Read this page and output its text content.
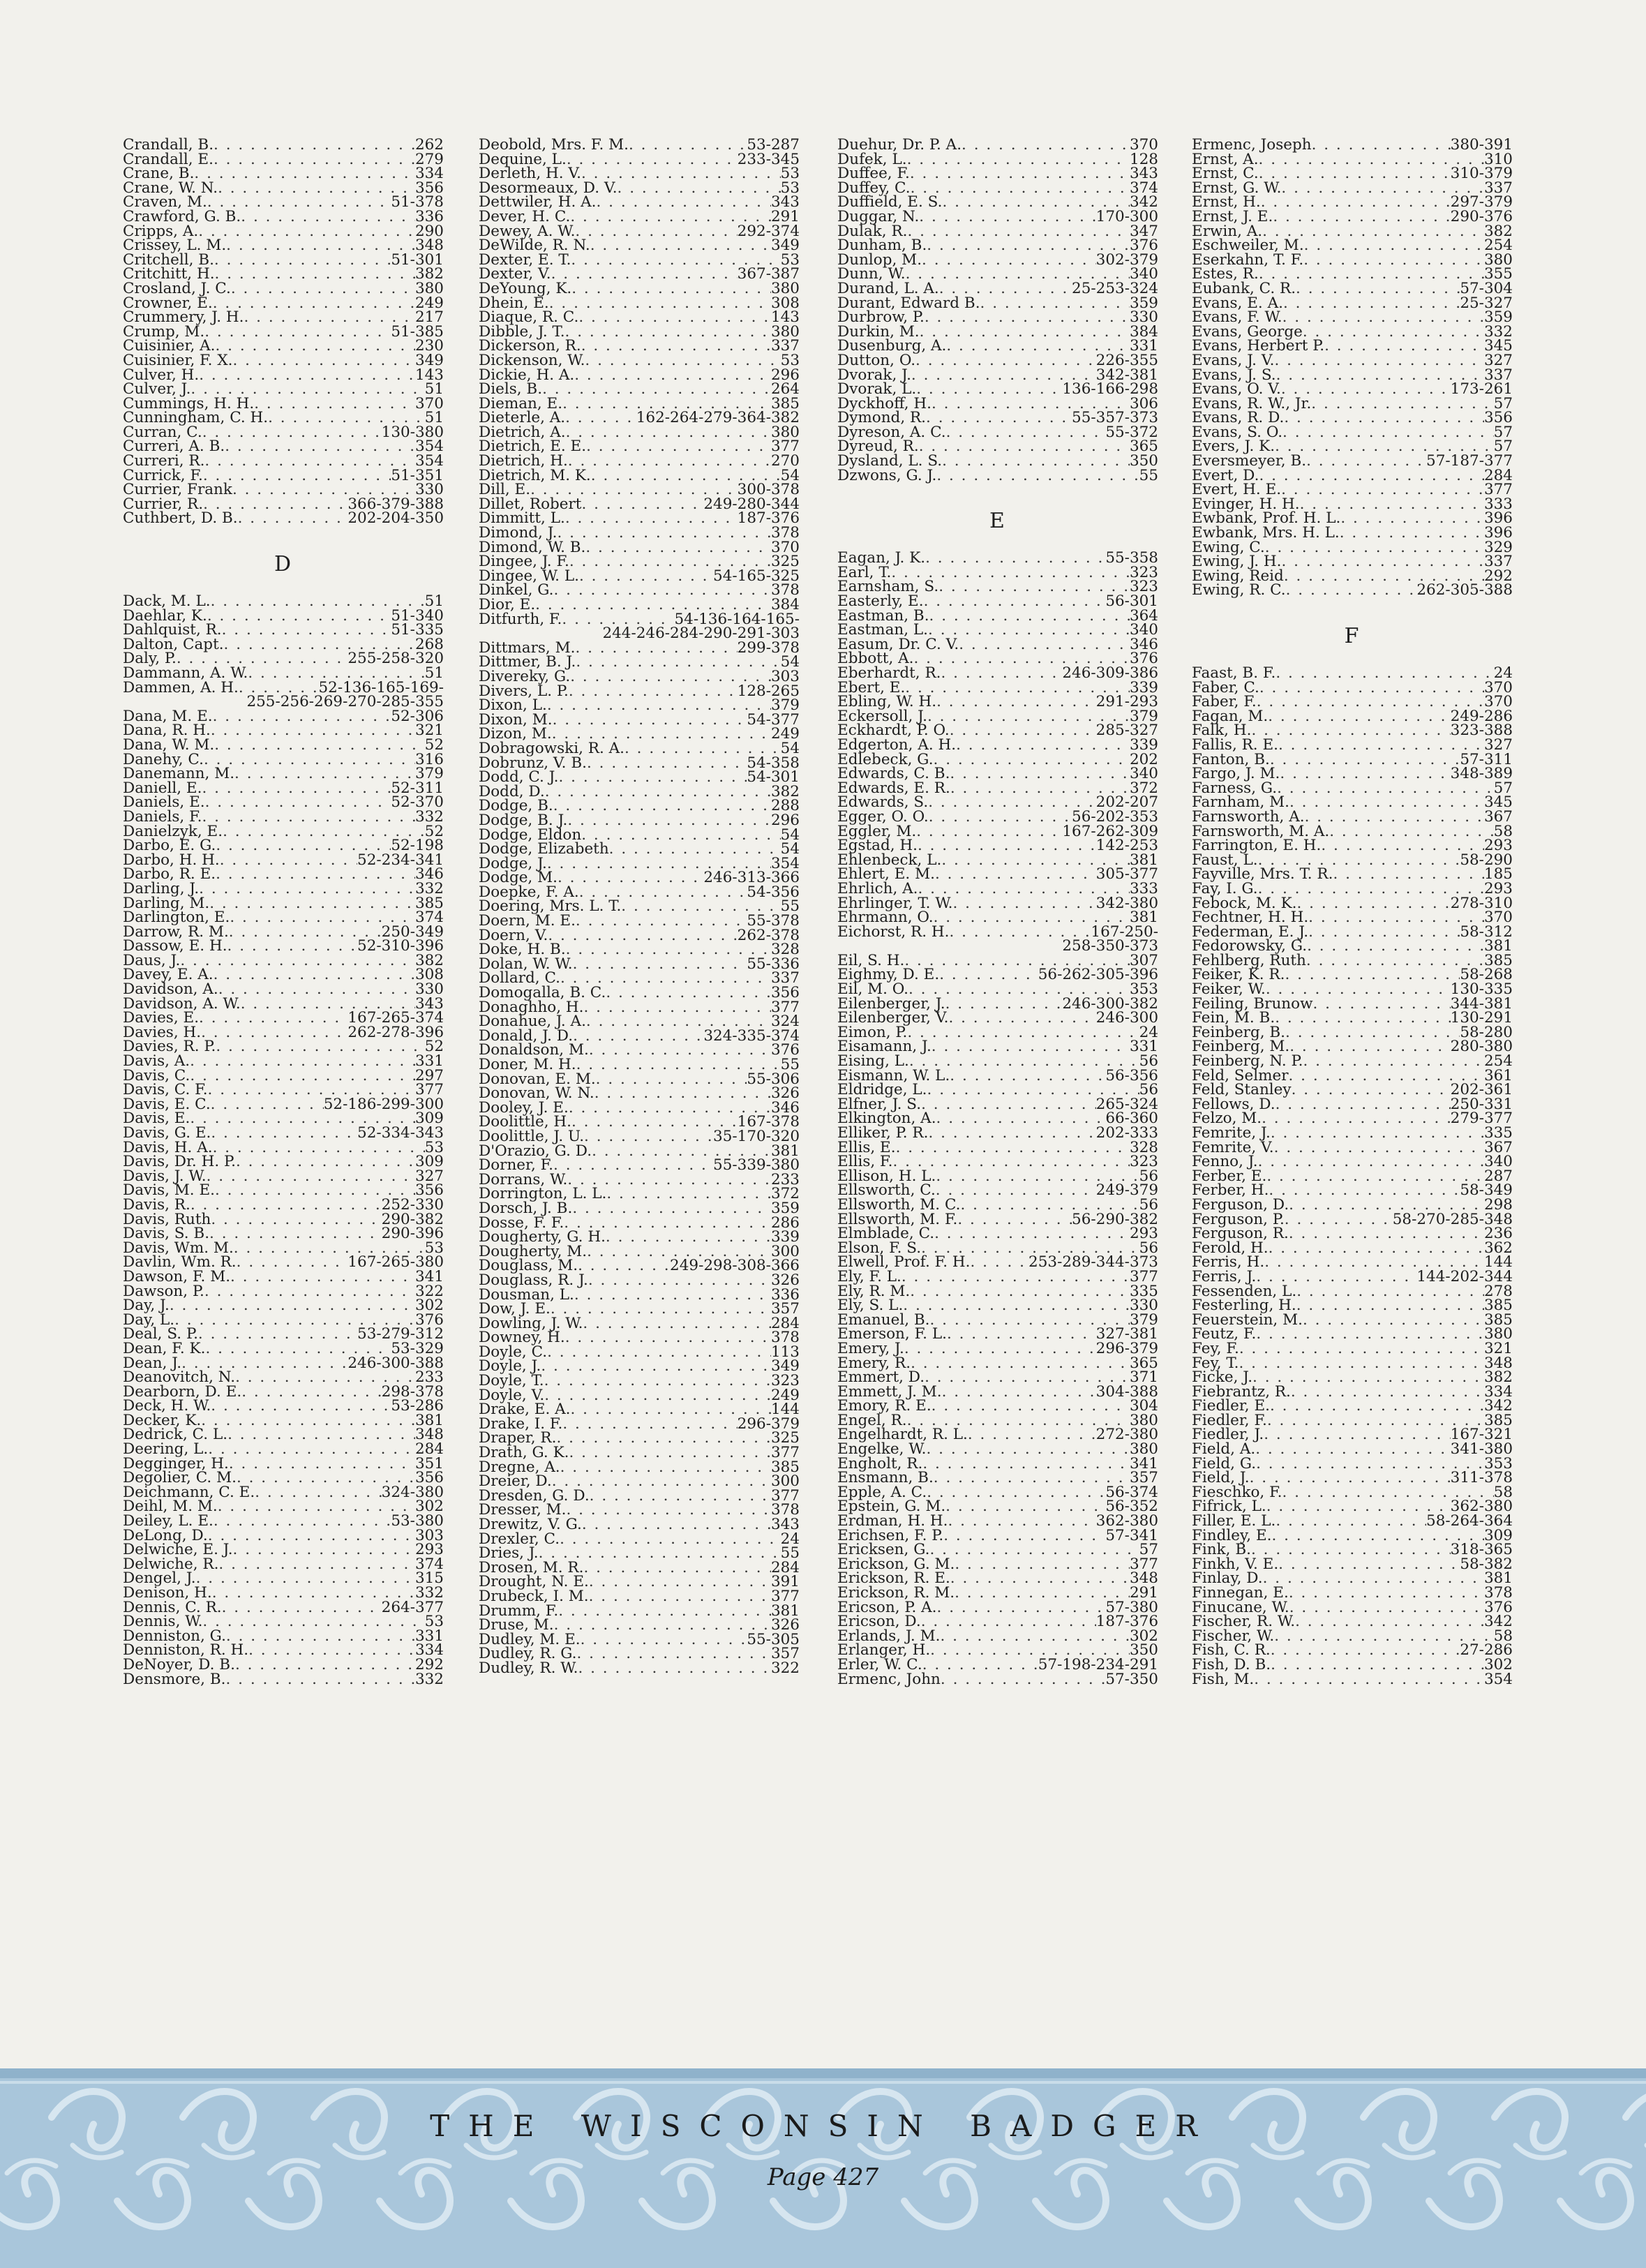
Crandall, B. . . .	262
Crandall, E. . . .	279
Crane, B. . . .	334
Crane, W. N. . . .	356
Craven, M. . . .	51-378
Crawford, G. B. . . .	336
Cripps, A. . . .	290
Crissey, L. M. . . .	348
Critchell, B. . . .	51-301
Critchitt, H. . . .	382
Crosland, J. C. . . .	380
Crowner, E. . . .	249
Crummery, J. H. . . .	217
Crump, M. . . .	51-385
Cuisinier, A. . . .	230
Cuisinier, F. X. . . .	349
Culver, H. . . .	143
Culver, J. . . .	51
Cummings, H. H. . . .	370
Cunningham, C. H. . . .	51
Curran, C. . . .	130-380
Curreri, A. B. . . .	354
Curreri, R. . . .	354
Currick, F. . . .	51-351
Currier, Frank . . .	330
Currier, R. . . .	366-379-388
Cuthbert, D. B. . . .	202-204-350
D
Dack, M. L. . . .	51
Daehlar, K. . . .	51-340
Dahlquist, R. . . .	51-335
Dalton, Capt. . . .	268
Daly, P. . . .	255-258-320
Dammann, A. W. . . .	51
Dammen, A. H. . . .	52-136-165-169-
255-256-269-270-285-355
Dana, M. E. . . .	52-306
Dana, R. H. . . .	321
Dana, W. M. . . .	52
Danehy, C. . . .	316
Danemann, M. . . .	379
Daniell, E. . . .	52-311
Daniels, E. . . .	52-370
Daniels, F. . . .	332
Danielzyk, E. . . .	52
Darbo, E. G. . . .	52-198
Darbo, H. H. . . .	52-234-341
Darbo, R. E. . . .	346
Darling, J. . . .	332
Darling, M. . . .	385
Darlington, E. . . .	374
Darrow, R. M. . . .	250-349
Dassow, E. H. . . .	52-310-396
Daus, J. . . .	382
Davey, E. A. . . .	308
Davidson, A. . . .	330
Davidson, A. W. . . .	343
Davies, E. . . .	167-265-374
Davies, H. . . .	262-278-396
Davies, R. P. . . .	52
Davis, A. . . .	331
Davis, C. . . .	297
Davis, C. F. . . .	377
Davis, E. C. . . .	52-186-299-300
Davis, E. . . .	309
Davis, G. E. . . .	52-334-343
Davis, H. A. . . .	53
Davis, Dr. H. P. . . .	309
Davis, J. W. . . .	327
Davis, M. E. . . .	356
Davis, R. . . .	252-330
Davis, Ruth . . .	290-382
Davis, S. B. . . .	290-396
Davis, Wm. M. . . .	53
Davlin, Wm. R. . . .	167-265-380
Dawson, F. M. . . .	341
Dawson, P. . . .	322
Day, J. . . .	302
Day, L. . . .	376
Deal, S. P. . . .	53-279-312
Dean, F. K. . . .	53-329
Dean, J. . . .	246-300-388
Deanovitch, N. . . .	233
Dearborn, D. E. . . .	298-378
Deck, H. W. . . .	53-286
Decker, K. . . .	381
Dedrick, C. L. . . .	348
Deering, L. . . .	284
Degginger, H. . . .	351
Degolier, C. M. . . .	356
Deichmann, C. E. . . .	324-380
Deihl, M. M. . . .	302
Deiley, L. E. . . .	53-380
DeLong, D. . . .	303
Delwiche, E. J. . . .	293
Delwiche, R. . . .	374
Dengel, J. . . .	315
Denison, H. . . .	332
Dennis, C. R. . . .	264-377
Dennis, W. . . .	53
Denniston, G. . . .	331
Denniston, R. H. . . .	334
DeNoyer, D. B. . . .	292
Densmore, B. . . .	332
Deobold, Mrs. F. M. . . .	53-287
Dequine, L. . . .	233-345
Derleth, H. V. . . .	53
Desormeaux, D. V. . . .	53
Dettwiler, H. A. . . .	343
Dever, H. C. . . .	291
Dewey, A. W. . . .	292-374
DeWilde, R. N. . . .	349
Dexter, E. T. . . .	53
Dexter, V. . . .	367-387
DeYoung, K. . . .	380
Dhein, E. . . .	308
Diaque, R. C. . . .	143
Dibble, J. T. . . .	380
Dickerson, R. . . .	337
Dickenson, W. . . .	53
Dickie, H. A. . . .	296
Diels, B. . . .	264
Dieman, E. . . .	385
Dieterle, A. . . .	162-264-279-364-382
Dietrich, A. . . .	380
Dietrich, E. E. . . .	377
Dietrich, H. . . .	270
Dietrich, M. K. . . .	54
Dill, E. . . .	300-378
Dillet, Robert . . .	249-280-344
Dimmitt, L. . . .	187-376
Dimond, J. . . .	378
Dimond, W. B. . . .	370
Dingee, J. F. . . .	325
Dingee, W. L. . . .	54-165-325
Dinkel, G. . . .	378
Dior, E. . . .	384
Ditfurth, F. . . .	54-136-164-165-
244-246-284-290-291-303
Dittmars, M. . . .	299-378
Dittmer, B. J. . . .	54
Divereky, G. . . .	303
Divers, L. P. . . .	128-265
Dixon, L. . . .	379
Dixon, M. . . .	54-377
Dizon, M. . . .	249
Dobragowski, R. A. . . .	54
Dobrunz, V. B. . . .	54-358
Dodd, C. J. . . .	54-301
Dodd, D. . . .	382
Dodge, B. . . .	288
Dodge, B. J. . . .	296
Dodge, Eldon . . .	54
Dodge, Elizabeth . . .	54
Dodge, J. . . .	354
Dodge, M. . . .	246-313-366
Doepke, F. A. . . .	54-356
Doering, Mrs. L. T. . . .	55
Doern, M. E. . . .	55-378
Doern, V. . . .	262-378
Doke, H. B. . . .	328
Dolan, W. W. . . .	55-336
Dollard, C. . . .	337
Domogalla, B. C. . . .	356
Donaghho, H. . . .	377
Donahue, J. A. . . .	324
Donald, J. D. . . .	324-335-374
Donaldson, M. . . .	376
Doner, M. H. . . .	55
Donovan, E. M. . . .	55-306
Donovan, W. N. . . .	326
Dooley, J. E. . . .	346
Doolittle, H. . . .	167-378
Doolittle, J. U. . . .	35-170-320
D'Orazio, G. D. . . .	381
Dorner, F. . . .	55-339-380
Dorrans, W. . . .	233
Dorrington, L. L. . . .	372
Dorsch, J. B. . . .	359
Dosse, F. F. . . .	286
Dougherty, G. H. . . .	339
Dougherty, M. . . .	300
Douglass, M. . . .	249-298-308-366
Douglass, R. J. . . .	326
Dousman, L. . . .	336
Dow, J. E. . . .	357
Dowling, J. W. . . .	284
Downey, H. . . .	378
Doyle, C. . . .	113
Doyle, J. . . .	349
Doyle, T. . . .	323
Doyle, V. . . .	249
Drake, E. A. . . .	144
Drake, I. F. . . .	296-379
Draper, R. . . .	325
Drath, G. K. . . .	377
Dregne, A. . . .	385
Dreier, D. . . .	300
Dresden, G. D. . . .	377
Dresser, M. . . .	378
Drewitz, V. G. . . .	343
Drexler, C. . . .	24
Dries, J. . . .	55
Drosen, M. R. . . .	284
Drought, N. E. . . .	391
Drubeck, I. M. . . .	377
Drumm, F. . . .	381
Druse, M. . . .	326
Dudley, M. E. . . .	55-305
Dudley, R. G. . . .	357
Dudley, R. W. . . .	322
Duehur, Dr. P. A. . . .	370
Dufek, L. . . .	128
Duffee, F. . . .	343
Duffey, C. . . .	374
Duffield, E. S. . . .	342
Duggar, N. . . .	170-300
Dulak, R. . . .	347
Dunham, B. . . .	376
Dunlop, M. . . .	302-379
Dunn, W. . . .	340
Durand, L. A. . . .	25-253-324
Durant, Edward B. . . .	359
Durbrow, P. . . .	330
Durkin, M. . . .	384
Dusenburg, A. . . .	331
Dutton, O. . . .	226-355
Dvorak, J. . . .	342-381
Dvorak, L. . . .	136-166-298
Dyckhoff, H. . . .	306
Dymond, R. . . .	55-357-373
Dyreson, A. C. . . .	55-372
Dyreud, R. . . .	365
Dysland, L. S. . . .	350
Dzwons, G. J. . . .	55
E
Eagan, J. K. . . .	55-358
Earl, T. . . .	323
Earnsham, S. . . .	323
Easterly, E. . . .	56-301
Eastman, B. . . .	364
Eastman, L. . . .	340
Easum, Dr. C. V. . . .	346
Ebbott, A. . . .	376
Eberhardt, R. . . .	246-309-386
Ebert, E. . . .	339
Ebling, W. H. . . .	291-293
Eckersoll, J. . . .	379
Eckhardt, P. O. . . .	285-327
Edgerton, A. H. . . .	339
Edlebeck, G. . . .	202
Edwards, C. B. . . .	340
Edwards, E. R. . . .	372
Edwards, S. . . .	202-207
Egger, O. O. . . .	56-202-353
Eggler, M. . . .	167-262-309
Egstad, H. . . .	142-253
Ehlenbeck, L. . . .	381
Ehlert, E. M. . . .	305-377
Ehrlich, A. . . .	333
Ehrlinger, T. W. . . .	342-380
Ehrmann, O. . . .	381
Eichorst, R. H. . . .	167-250-
258-350-373
Eil, S. H. . . .	307
Eighmy, D. E. . . .	56-262-305-396
Eil, M. O. . . .	353
Eilenberger, J. . . .	246-300-382
Eilenberger, V. . . .	246-300
Eimon, P. . . .	24
Eisamann, J. . . .	331
Eising, L. . . .	56
Eismann, W. L. . . .	56-356
Eldridge, L. . . .	56
Elfner, J. S. . . .	265-324
Elkington, A. . . .	66-360
Elliker, P. R. . . .	202-333
Ellis, E. . . .	328
Ellis, F. . . .	323
Ellison, H. L. . . .	56
Ellsworth, C. . . .	249-379
Ellsworth, M. C. . . .	56
Ellsworth, M. F. . . .	56-290-382
Elmblade, C. . . .	293
Elson, F. S. . . .	56
Elwell, Prof. F. H. . . .	253-289-344-373
Ely, F. L. . . .	377
Ely, R. M. . . .	335
Ely, S. L. . . .	330
Emanuel, B. . . .	379
Emerson, F. L. . . .	327-381
Emery, J. . . .	296-379
Emery, R. . . .	365
Emmert, D. . . .	371
Emmett, J. M. . . .	304-388
Emory, R. E. . . .	304
Engel, R. . . .	380
Engelhardt, R. L. . . .	272-380
Engelke, W. . . .	380
Engholt, R. . . .	341
Ensmann, B. . . .	357
Epple, A. C. . . .	56-374
Epstein, G. M. . . .	56-352
Erdman, H. H. . . .	362-380
Erichsen, F. P. . . .	57-341
Ericksen, G. . . .	57
Erickson, G. M. . . .	377
Erickson, R. E. . . .	348
Erickson, R. M. . . .	291
Ericson, P. A. . . .	57-380
Ericson, D. . . .	187-376
Erlands, J. M. . . .	302
Erlanger, H. . . .	350
Erler, W. C. . . .	57-198-234-291
Ermenc, John . . .	57-350
Ermenc, Joseph . . .	380-391
Ernst, A. . . .	310
Ernst, C. . . .	310-379
Ernst, G. W. . . .	337
Ernst, H. . . .	297-379
Ernst, J. E. . . .	290-376
Erwin, A. . . .	382
Eschweiler, M. . . .	254
Eserkahn, T. F. . . .	380
Estes, R. . . .	355
Eubank, C. R. . . .	57-304
Evans, E. A. . . .	25-327
Evans, F. W. . . .	359
Evans, George . . .	332
Evans, Herbert P. . . .	345
Evans, J. V. . . .	327
Evans, J. S. . . .	337
Evans, O. V. . . .	173-261
Evans, R. W., Jr. . . .	57
Evans, R. D. . . .	356
Evans, S. O. . . .	57
Evers, J. K. . . .	57
Eversmeyer, B. . . .	57-187-377
Evert, D. . . .	284
Evert, H. E. . . .	377
Evinger, H. H. . . .	333
Ewbank, Prof. H. L. . . .	396
Ewbank, Mrs. H. L. . . .	396
Ewing, C. . . .	329
Ewing, J. H. . . .	337
Ewing, Reid . . .	292
Ewing, R. C. . . .	262-305-388
F
Faast, B. F. . . .	24
Faber, C. . . .	370
Faber, F. . . .	370
Fagan, M. . . .	249-286
Falk, H. . . .	323-388
Fallis, R. E. . . .	327
Fanton, B. . . .	57-311
Fargo, J. M. . . .	348-389
Farness, G. . . .	57
Farnham, M. . . .	345
Farnsworth, A. . . .	367
Farnsworth, M. A. . . .	58
Farrington, E. H. . . .	293
Faust, L. . . .	58-290
Fayville, Mrs. T. R. . . .	185
Fay, I. G. . . .	293
Febock, M. K. . . .	278-310
Fechtner, H. H. . . .	370
Federman, E. J. . . .	58-312
Fedorowsky, G. . . .	381
Fehlberg, Ruth . . .	385
Feiker, K. R. . . .	58-268
Feiker, W. . . .	130-335
Feiling, Brunow . . .	344-381
Fein, M. B. . . .	130-291
Feinberg, B. . . .	58-280
Feinberg, M. . . .	280-380
Feinberg, N. P. . . .	254
Feld, Selmer . . .	361
Feld, Stanley . . .	202-361
Fellows, D. . . .	250-331
Felzo, M. . . .	279-377
Femrite, J. . . .	335
Femrite, V. . . .	367
Fenno, J. . . .	340
Ferber, E. . . .	287
Ferber, H. . . .	58-349
Ferguson, D. . . .	298
Ferguson, P. . . .	58-270-285-348
Ferguson, R. . . .	236
Ferold, H. . . .	362
Ferris, H. . . .	144
Ferris, J. . . .	144-202-344
Fessenden, L. . . .	278
Festerling, H. . . .	385
Feuerstein, M. . . .	385
Feutz, F. . . .	380
Fey, F. . . .	321
Fey, T. . . .	348
Ficke, J. . . .	382
Fiebrantz, R. . . .	334
Fiedler, E. . . .	342
Fiedler, F. . . .	385
Fiedler, J. . . .	167-321
Field, A. . . .	341-380
Field, G. . . .	353
Field, J. . . .	311-378
Fieschko, F. . . .	58
Fifrick, L. . . .	362-380
Filler, E. L. . . .	58-264-364
Findley, E. . . .	309
Fink, B. . . .	318-365
Finkh, V. E. . . .	58-382
Finlay, D. . . .	381
Finnegan, E. . . .	378
Finucane, W. . . .	376
Fischer, R. W. . . .	342
Fischer, W. . . .	58
Fish, C. R. . . .	27-286
Fish, D. B. . . .	302
Fish, M. . . .	354
THE WISCONSIN BADGER
Page 427
